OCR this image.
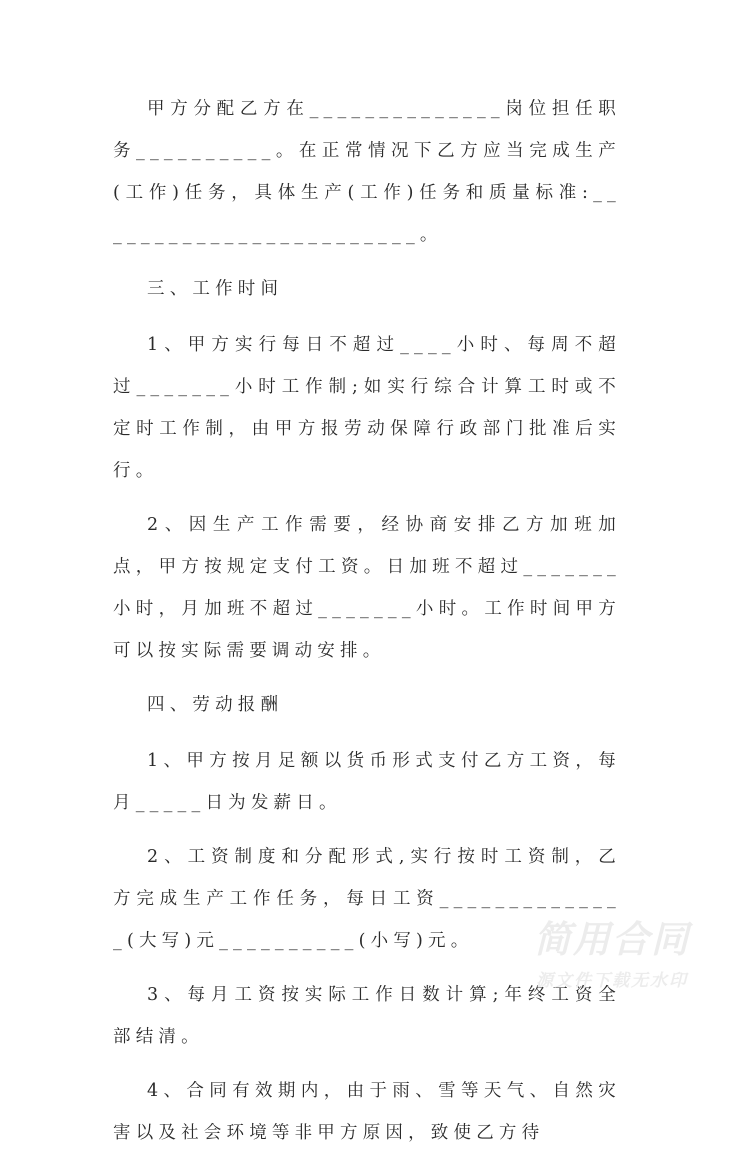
甲方分配乙方在______________岗位担任职务__________。在正常情况下乙方应当完成生产(工作)任务，具体生产(工作)任务和质量标准:________________________。

三、工作时间

1、甲方实行每日不超过____小时、每周不超过_______小时工作制;如实行综合计算工时或不定时工作制，由甲方报劳动保障行政部门批准后实行。

2、因生产工作需要，经协商安排乙方加班加点，甲方按规定支付工资。日加班不超过_______小时，月加班不超过_______小时。工作时间甲方可以按实际需要调动安排。

四、劳动报酬

1、甲方按月足额以货币形式支付乙方工资，每月_____日为发薪日。

2、工资制度和分配形式,实行按时工资制，乙方完成生产工作任务，每日工资______________(大写)元__________(小写)元。

3、每月工资按实际工作日数计算;年终工资全部结清。

4、合同有效期内，由于雨、雪等天气、自然灾害以及社会环境等非甲方原因，致使乙方待

简用合同
源文件下载无水印
